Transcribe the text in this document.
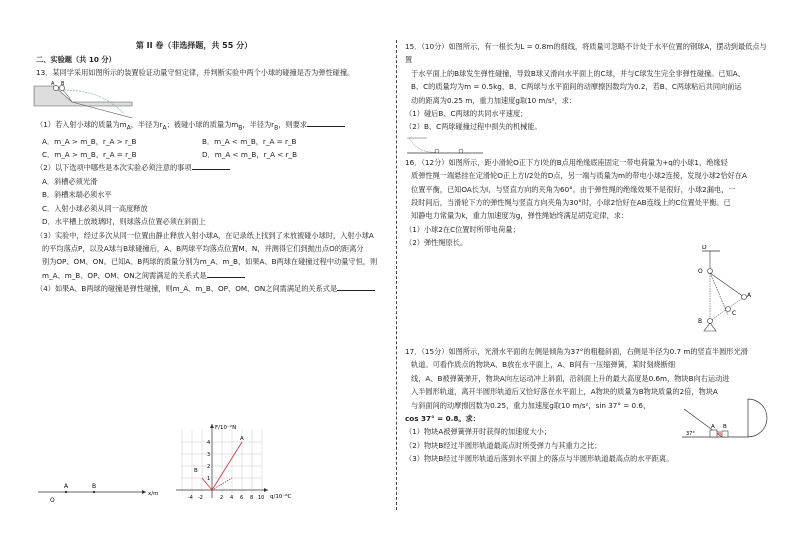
第 II 卷（非选择题，共 55 分）

二、实验题（共 10 分）

13．某同学采用如图所示的装置验证动量守恒定律，并判断实验中两个小球的碰撞是否为弹性碰撞。

A B

（1）若入射小球的质量为$m_A$，半径为$r_A$；被碰小球的质量为$m_B$，半径为$r_B$，则要求

A．m_A > m_B，r_A > r_B	B．m_A < m_B，r_A = r_B

C．m_A > m_B，r_A = r_B	D．m_A < m_B，r_A < r_B

（2）以下选项中哪些是本次实验必须注意的事项

A．斜槽必须光滑

B．斜槽末端必须水平

C．入射小球必须从同一高度释放

D．水平槽上放玻璃时，则球落点位置必须在斜面上

（3）实验中，经过多次从同一位置由静止释放入射小球A，在记录纸上找到了未放被碰小球时，入射小球A

的平均落点P，以及A球与B球碰撞后，A、B两球平均落点位置M、N，并测得它们到抛出点O的距离分

别为OP、OM、ON。已知A、B两球的质量分别为m_A、m_B，如果A、B两球在碰撞过程中动量守恒，则

m_A、m_B、OP、OM、ON之间需满足的关系式是

（4）如果A、B两球的碰撞是弹性碰撞，则m_A、m_B、OP、OM、ON之间需满足的关系式是

A	B
O
x/m
F/10⁻²N
q/10⁻⁸C
A
B
-4 -2	2 4 6 8 10
4
3
2
1

15．（10分）如图所示，有一根长为L = 0.8m的细线，将质量可忽略不计处于水平位置的钢球A，摆动到最低点与置

于水平面上的B球发生弹性碰撞，导致B球又滑向水平面上的C球，并与C球发生完全非弹性碰撞。已知A、

B、C的质量均为m = 0.5kg，B、C两球与水平面间的动摩擦因数均为0.2，若B、C两球粘后共同向前运

动的距离为0.25 m，重力加速度g取10 m/s²，求：

（1）碰后B、C两球的共同水平速度；

（2）B、C两球碰撞过程中损失的机械能。

16．（12分）如图所示，距小滑轮O正下方l处的B点用绝缘底座固定一带电荷量为+q的小球1，绝缘轻

质弹性绳一端悬挂在定滑轮O正上方l/2处的D点，另一端与质量为m的带电小球2连接，发现小球2恰好在A

位置平衡，已知OA长为l，与竖直方向的夹角为60°。由于弹性绳的绝缘效果不是很好，小球2漏电，一

段时间后，当滑轮下方的弹性绳与竖直方向夹角为30°时，小球2恰好在AB连线上的C位置处平衡。已

知静电力常量为k，重力加速度为g，弹性绳始终满足胡克定律，求：

（1）小球2在C位置时所带电荷量；

（2）弹性绳原长。

D
O
A
B
C

17．（15分）如图所示，光滑水平面的左侧是倾角为37°的粗糙斜面，右侧是半径为0.7 m的竖直半圆形光滑

轨道。可看作质点的物块A、B放在水平面上，A、B间有一压缩弹簧，某时刻烧断细

线，A、B被弹簧弹开，物块A向左运动冲上斜面，沿斜面上升的最大高度是0.6m，物块B向右运动进

入半圆形轨道，离开半圆形轨道后又恰好落在水平面上，A物块的质量为B物块质量的2倍，物块A

与斜面间的动摩擦因数为0.25，重力加速度g取10 m/s²，sin 37° = 0.6，

cos 37° = 0.8。求：

（1）物块A被弹簧弹开时获得的加速度大小；

（2）物块B经过半圆形轨道最高点时所受弹力与其重力之比；

（3）物块B经过半圆形轨道后落到水平面上的落点与半圆形轨道最高点的水平距离。

A B
37°
